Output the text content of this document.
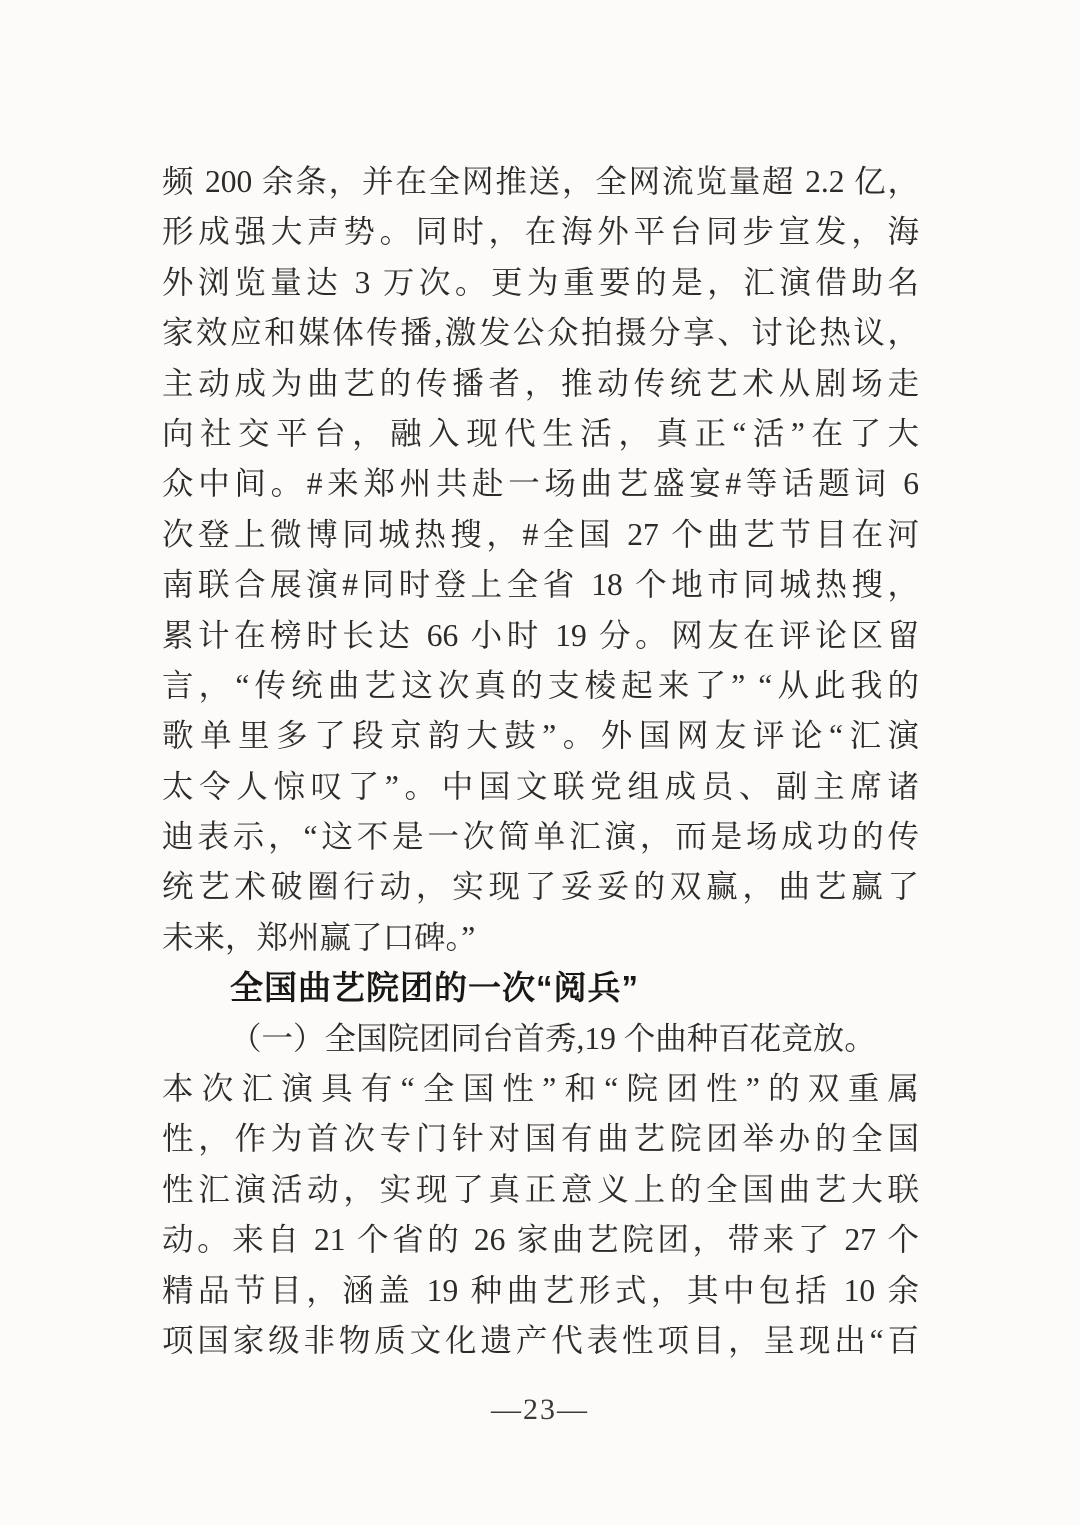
频 200 余条，并在全网推送，全网流览量超 2.2 亿，
形成强大声势。同时，在海外平台同步宣发，海
外浏览量达 3 万次。更为重要的是，汇演借助名
家效应和媒体传播,激发公众拍摄分享、讨论热议，
主动成为曲艺的传播者，推动传统艺术从剧场走
向社交平台，融入现代生活，真正“活”在了大
众中间。#来郑州共赴一场曲艺盛宴#等话题词 6
次登上微博同城热搜，#全国 27 个曲艺节目在河
南联合展演#同时登上全省 18 个地市同城热搜，
累计在榜时长达 66 小时 19 分。网友在评论区留
言，“传统曲艺这次真的支棱起来了” “从此我的
歌单里多了段京韵大鼓”。外国网友评论“汇演
太令人惊叹了”。中国文联党组成员、副主席诸
迪表示，“这不是一次简单汇演，而是场成功的传
统艺术破圈行动，实现了妥妥的双赢，曲艺赢了
未来，郑州赢了口碑。”
全国曲艺院团的一次“阅兵”
（一）全国院团同台首秀,19 个曲种百花竞放。
本次汇演具有“全国性”和“院团性”的双重属
性，作为首次专门针对国有曲艺院团举办的全国
性汇演活动，实现了真正意义上的全国曲艺大联
动。来自 21 个省的 26 家曲艺院团，带来了 27 个
精品节目，涵盖 19 种曲艺形式，其中包括 10 余
项国家级非物质文化遗产代表性项目，呈现出“百
—23—
